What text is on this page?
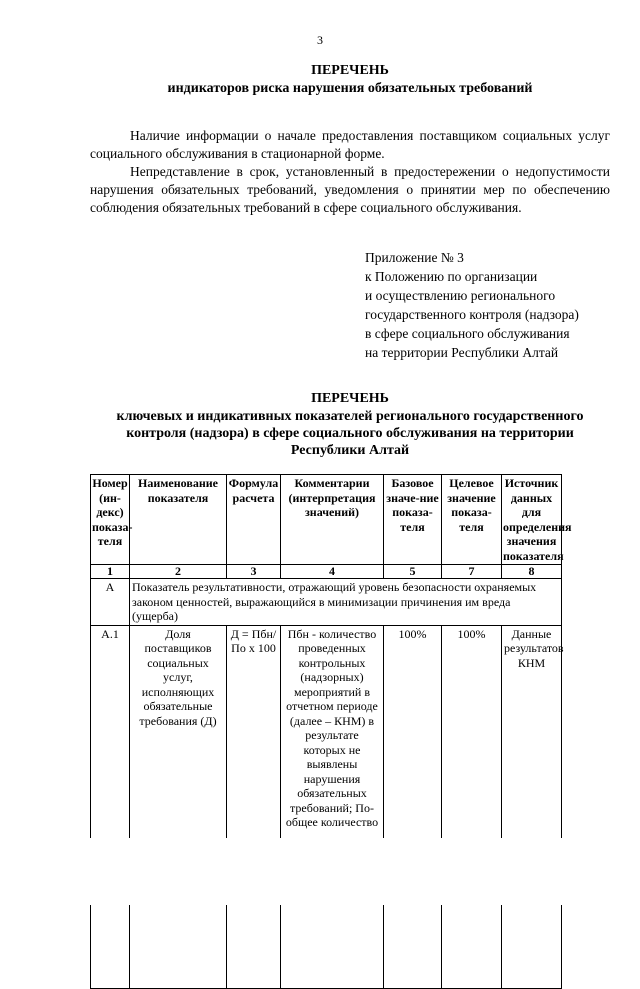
3
ПЕРЕЧЕНЬ
индикаторов риска нарушения обязательных требований

Наличие информации о начале предоставления поставщиком социальных услуг социального обслуживания в стационарной форме.

Непредставление в срок, установленный в предостережении о недопустимости нарушения обязательных требований, уведомления о принятии мер по обеспечению соблюдения обязательных требований в сфере социального обслуживания.

Приложение № 3
к Положению по организации
и осуществлению регионального
государственного контроля (надзора)
в сфере социального обслуживания
на территории Республики Алтай
ПЕРЕЧЕНЬ
ключевых и индикативных показателей регионального государственного
контроля (надзора) в сфере социального обслуживания на территории
Республики Алтай
Номер (ин-декс) показа-теля	Наименование показателя	Формула расчета	Комментарии (интерпретация значений)	Базовое значе-ние показа-теля	Целевое значение показа-теля	Источник данных для определения значения показателя
1	2	3	4	5	7	8
А	Показатель результативности, отражающий уровень безопасности охраняемых законом ценностей, выражающийся в минимизации причинения им вреда (ущерба)					
А.1	Доля поставщиков социальных услуг, исполняющих обязательные требования (Д)	Д = Пбн/По х 100	Пбн - количество проведенных контрольных (надзорных) мероприятий в отчетном периоде (далее – КНМ) в результате которых не выявлены нарушения обязательных требований; По-общее количество	100%	100%	Данные результатов КНМ
